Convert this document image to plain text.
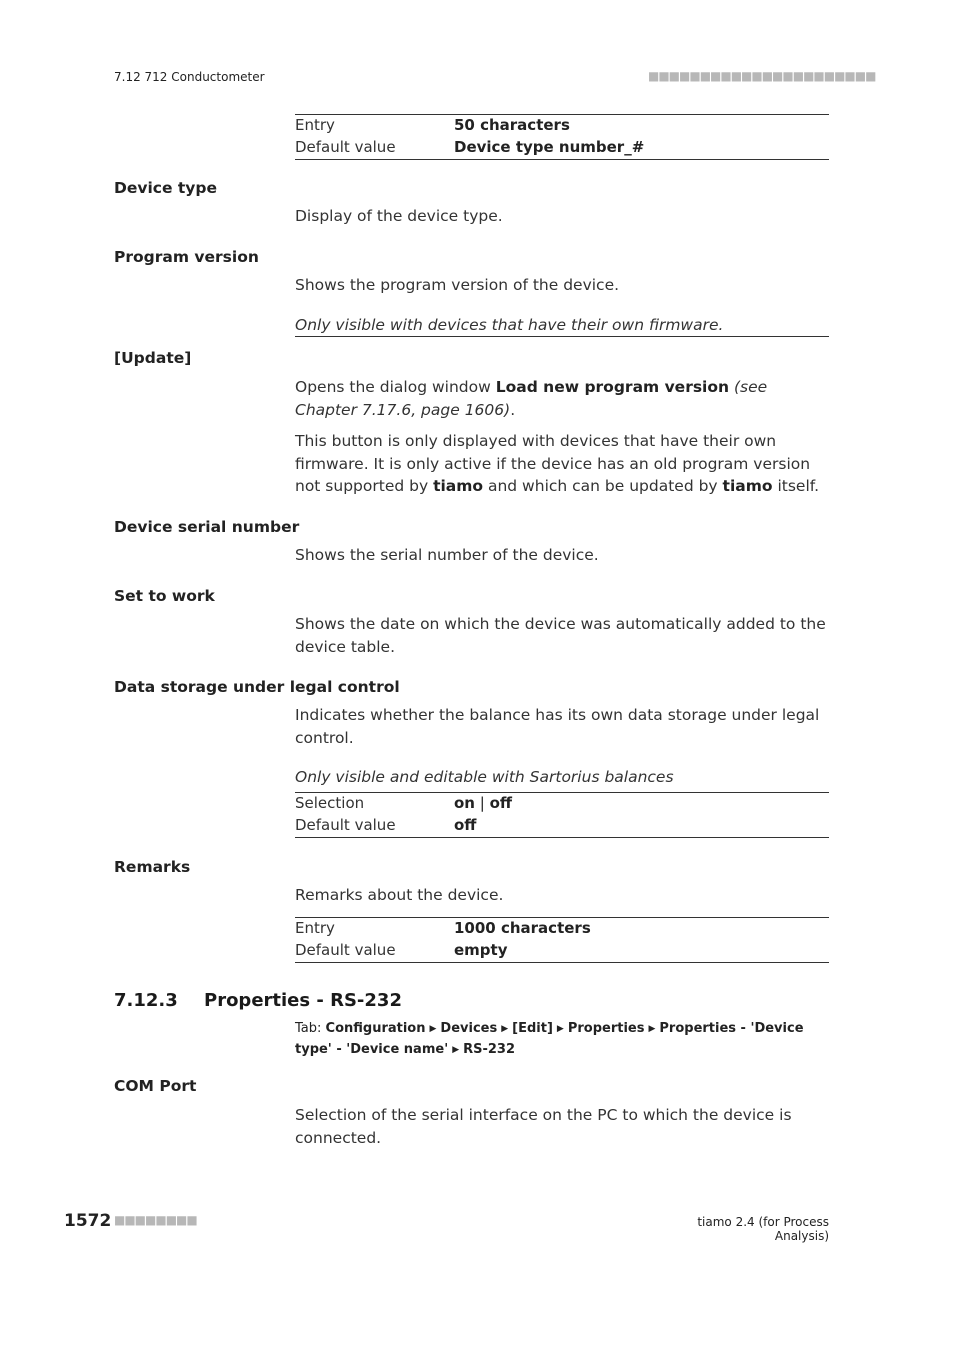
7.12 712 Conductometer	■■■■■■■■■■■■■■■■■■■■■■
Entry	50 characters
Default value	Device type number_#
Device type
Display of the device type.
Program version
Shows the program version of the device.
Only visible with devices that have their own firmware.
[Update]
Opens the dialog window Load new program version (see Chapter 7.17.6, page 1606).
This button is only displayed with devices that have their own firmware. It is only active if the device has an old program version not supported by tiamo and which can be updated by tiamo itself.
Device serial number
Shows the serial number of the device.
Set to work
Shows the date on which the device was automatically added to the device table.
Data storage under legal control
Indicates whether the balance has its own data storage under legal control.
Only visible and editable with Sartorius balances
Selection	on | off
Default value	off
Remarks
Remarks about the device.
Entry	1000 characters
Default value	empty
7.12.3 Properties - RS-232
Tab: Configuration ▶ Devices ▶ [Edit] ▶ Properties ▶ Properties - 'Device type' - 'Device name' ▶ RS-232
COM Port
Selection of the serial interface on the PC to which the device is connected.
1572 ■■■■■■■■	tiamo 2.4 (for Process Analysis)
